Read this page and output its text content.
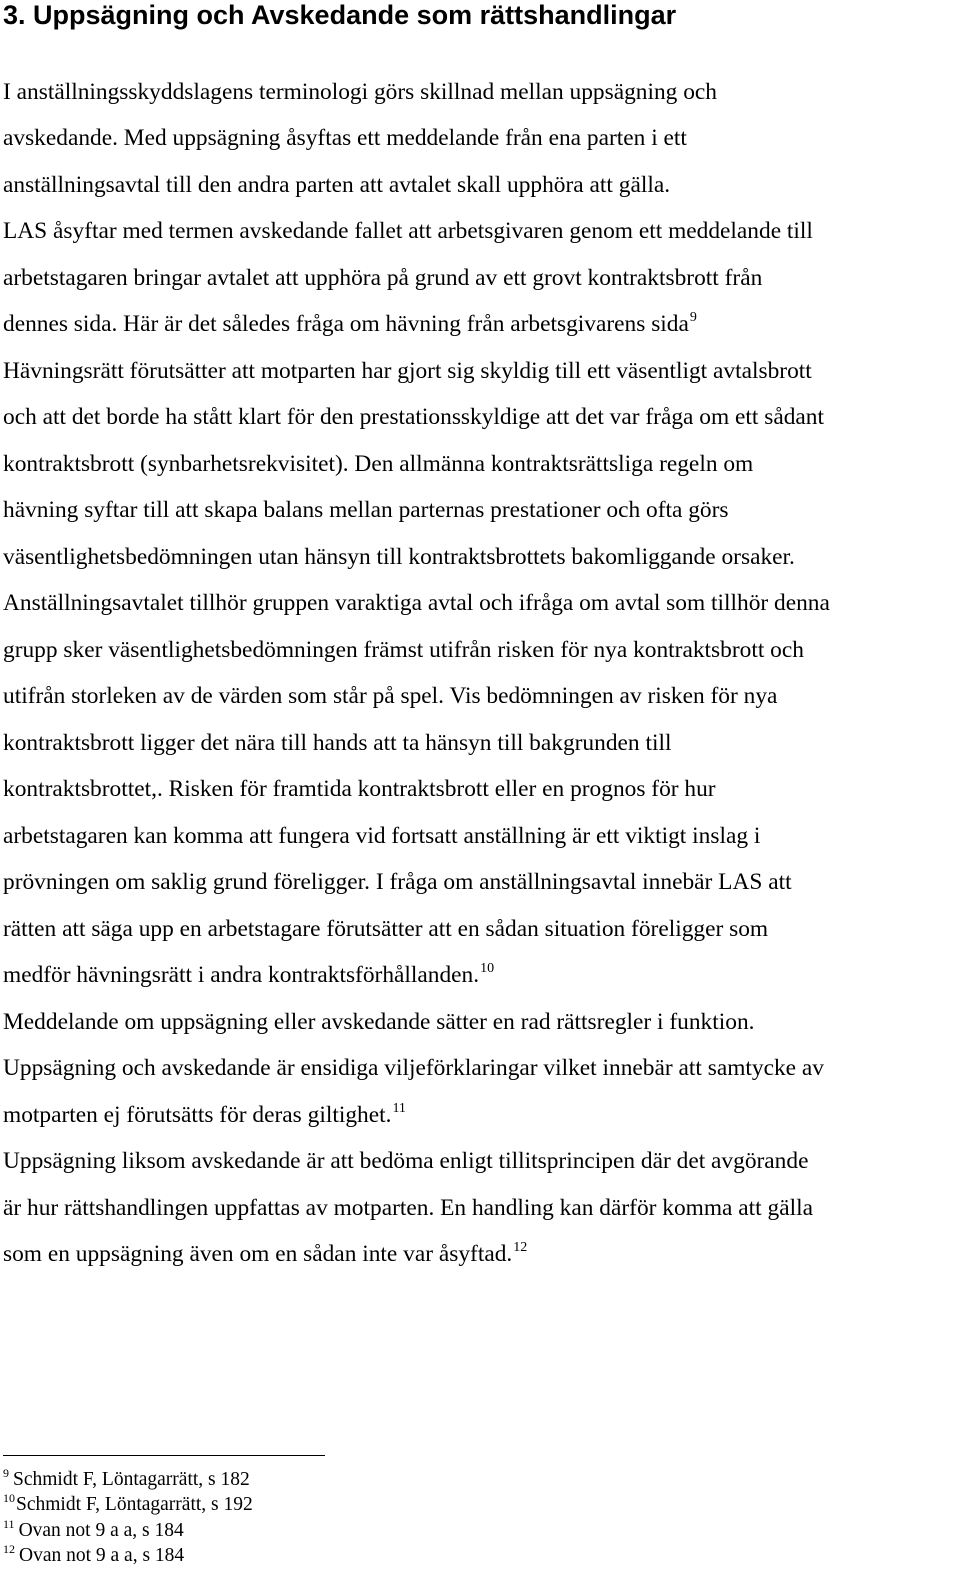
3. Uppsägning och Avskedande som rättshandlingar

I anställningsskyddslagens terminologi görs skillnad mellan uppsägning och

avskedande. Med uppsägning åsyftas ett meddelande från ena parten i ett

anställningsavtal till den andra parten att avtalet skall upphöra att gälla.

LAS åsyftar med termen avskedande fallet att arbetsgivaren genom ett meddelande till

arbetstagaren bringar avtalet att upphöra på grund av ett grovt kontraktsbrott från

dennes sida. Här är det således fråga om hävning från arbetsgivarens sida$^9$

Hävningsrätt förutsätter att motparten har gjort sig skyldig till ett väsentligt avtalsbrott

och att det borde ha stått klart för den prestationsskyldige att det var fråga om ett sådant

kontraktsbrott (synbarhetsrekvisitet). Den allmänna kontraktsrättsliga regeln om

hävning syftar till att skapa balans mellan parternas prestationer och ofta görs

väsentlighetsbedömningen utan hänsyn till kontraktsbrottets bakomliggande orsaker.

Anställningsavtalet tillhör gruppen varaktiga avtal och ifråga om avtal som tillhör denna

grupp sker väsentlighetsbedömningen främst utifrån risken för nya kontraktsbrott och

utifrån storleken av de värden som står på spel. Vis bedömningen av risken för nya

kontraktsbrott ligger det nära till hands att ta hänsyn till bakgrunden till

kontraktsbrottet,. Risken för framtida kontraktsbrott eller en prognos för hur

arbetstagaren kan komma att fungera vid fortsatt anställning är ett viktigt inslag i

prövningen om saklig grund föreligger. I fråga om anställningsavtal innebär LAS att

rätten att säga upp en arbetstagare förutsätter att en sådan situation föreligger som

medför hävningsrätt i andra kontraktsförhållanden.$^{10}$

Meddelande om uppsägning eller avskedande sätter en rad rättsregler i funktion.

Uppsägning och avskedande är ensidiga viljeförklaringar vilket innebär att samtycke av

motparten ej förutsätts för deras giltighet.$^{11}$

Uppsägning liksom avskedande är att bedöma enligt tillitsprincipen där det avgörande

är hur rättshandlingen uppfattas av motparten. En handling kan därför komma att gälla

som en uppsägning även om en sådan inte var åsyftad.$^{12}$

$^9$ Schmidt F, Löntagarrätt, s 182

$^{10}$Schmidt F, Löntagarrätt, s 192

$^{11}$ Ovan not 9 a a, s 184

$^{12}$ Ovan not 9 a a, s 184
